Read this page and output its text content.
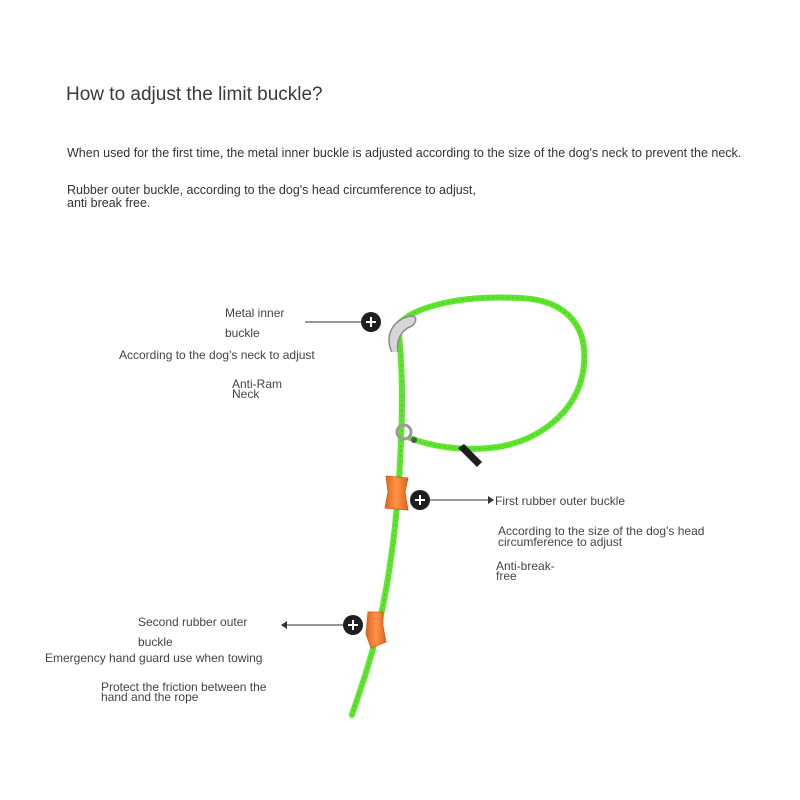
How to adjust the limit buckle?
When used for the first time, the metal inner buckle is adjusted according to the size of the dog's neck to prevent the neck.
Rubber outer buckle, according to the dog's head circumference to adjust,
anti break free.
Metal inner
buckle
According to the dog's neck to adjust
Anti-Ram
Neck
First rubber outer buckle
According to the size of the dog's head
circumference to adjust
Anti-break-
free
Second rubber outer
buckle
Emergency hand guard use when towing
Protect the friction between the
hand and the rope
